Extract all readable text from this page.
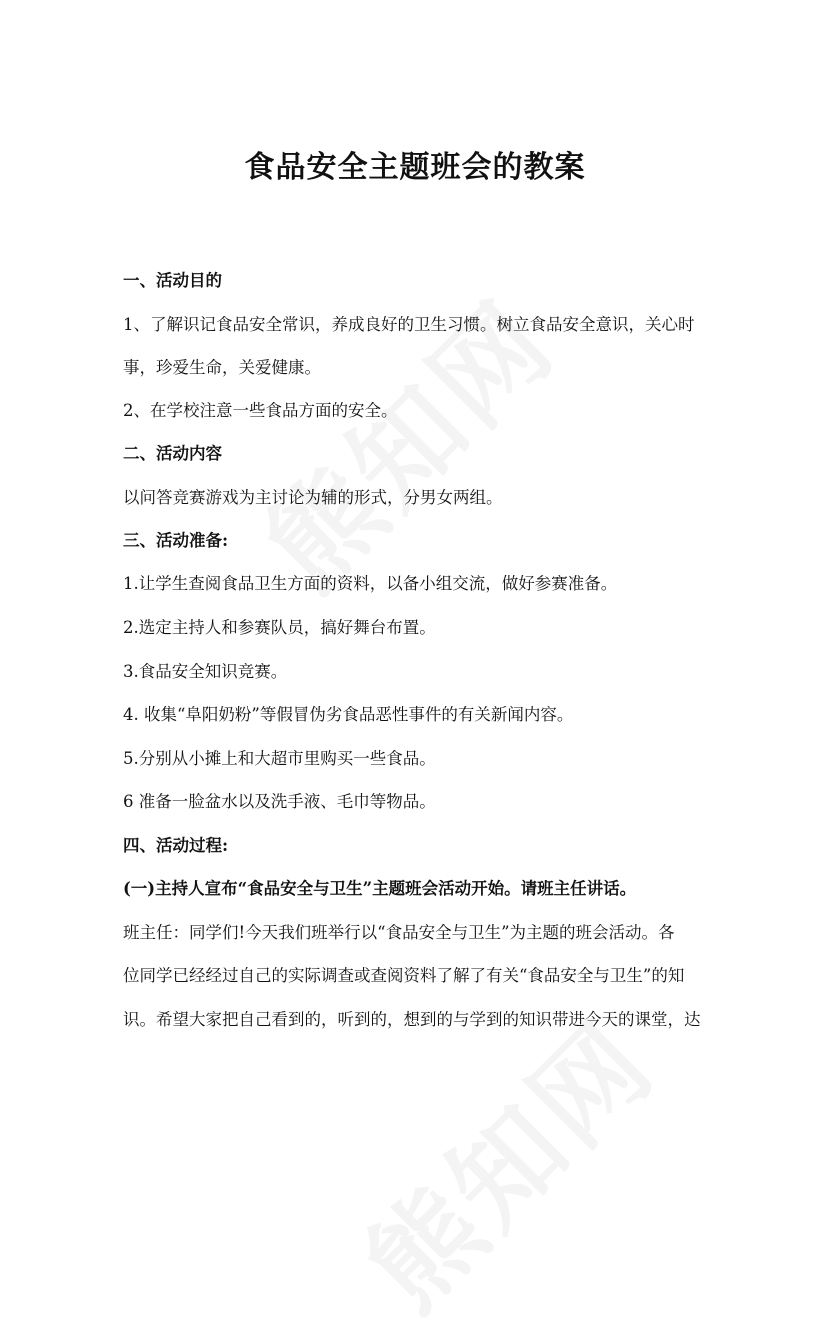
食品安全主题班会的教案
一、活动目的
1、了解识记食品安全常识，养成良好的卫生习惯。树立食品安全意识，关心时
事，珍爱生命，关爱健康。
2、在学校注意一些食品方面的安全。
二、活动内容
以问答竞赛游戏为主讨论为辅的形式，分男女两组。
三、活动准备:
1.让学生查阅食品卫生方面的资料，以备小组交流，做好参赛准备。
2.选定主持人和参赛队员，搞好舞台布置。
3.食品安全知识竞赛。
4. 收集“阜阳奶粉”等假冒伪劣食品恶性事件的有关新闻内容。
5.分别从小摊上和大超市里购买一些食品。
6 准备一脸盆水以及洗手液、毛巾等物品。
四、活动过程:
(一)主持人宣布“食品安全与卫生”主题班会活动开始。请班主任讲话。
班主任：同学们!今天我们班举行以“食品安全与卫生”为主题的班会活动。各
位同学已经经过自己的实际调查或查阅资料了解了有关“食品安全与卫生”的知
识。希望大家把自己看到的，听到的，想到的与学到的知识带进今天的课堂，达
